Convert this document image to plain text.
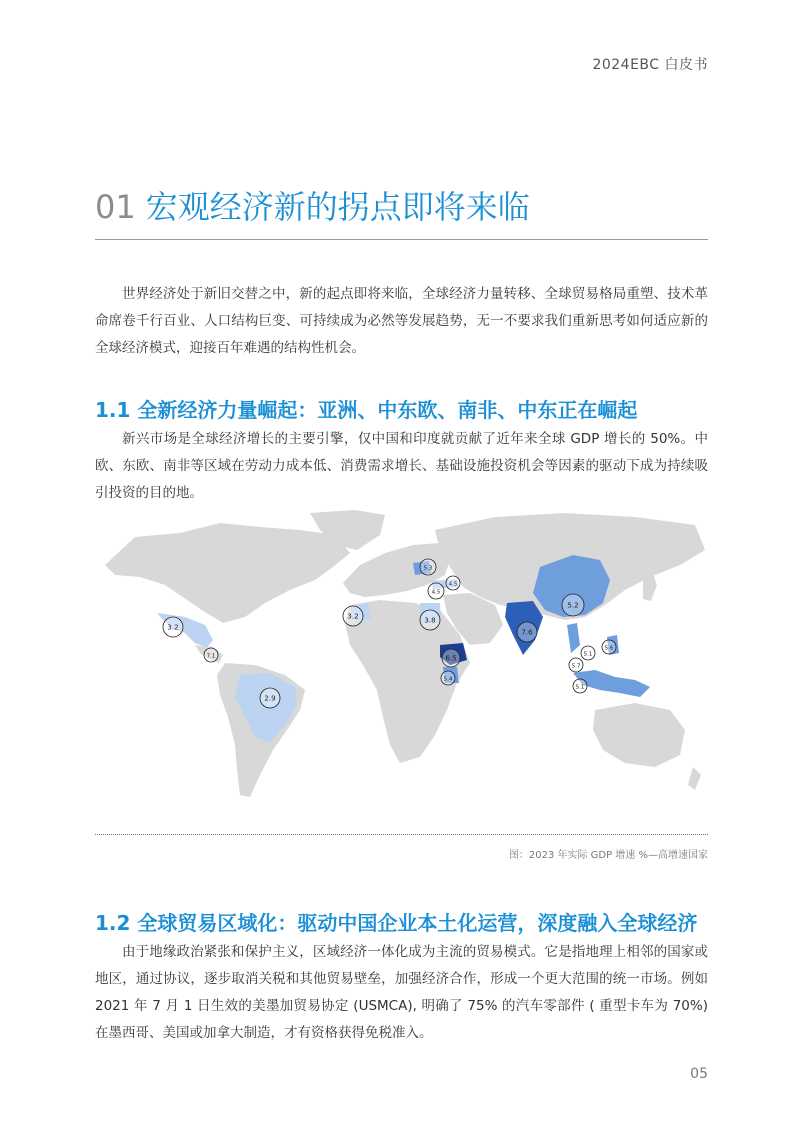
2024EBC 白皮书
01 宏观经济新的拐点即将来临
世界经济处于新旧交替之中，新的起点即将来临，全球经济力量转移、全球贸易格局重塑、技术革命席卷千行百业、人口结构巨变、可持续成为必然等发展趋势，无一不要求我们重新思考如何适应新的全球经济模式，迎接百年难遇的结构性机会。
1.1 全新经济力量崛起：亚洲、中东欧、南非、中东正在崛起
新兴市场是全球经济增长的主要引擎，仅中国和印度就贡献了近年来全球 GDP 增长的 50%。中欧、东欧、南非等区域在劳动力成本低、消费需求增长、基础设施投资机会等因素的驱动下成为持续吸引投资的目的地。
3.2
7.1
2.9
3.2
5.3
4.5
4.5
3.8
7.6
6.5
5.4
5.2
5.1
5.7
5.6
5.1
图：2023 年实际 GDP 增速 %—高增速国家
1.2 全球贸易区域化：驱动中国企业本土化运营，深度融入全球经济
由于地缘政治紧张和保护主义，区域经济一体化成为主流的贸易模式。它是指地理上相邻的国家或地区，通过协议，逐步取消关税和其他贸易壁垒，加强经济合作，形成一个更大范围的统一市场。例如 2021 年 7 月 1 日生效的美墨加贸易协定 (USMCA), 明确了 75% 的汽车零部件 ( 重型卡车为 70%) 在墨西哥、美国或加拿大制造，才有资格获得免税准入。
05
